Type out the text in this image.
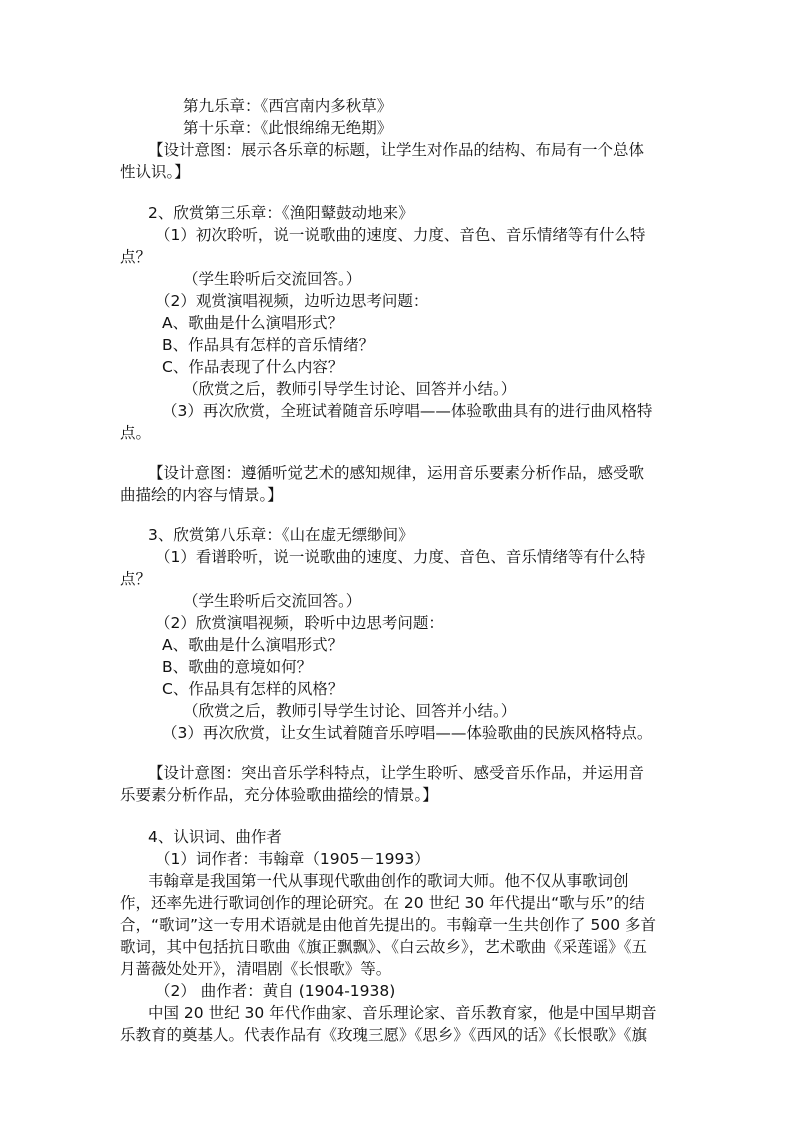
第九乐章：《西宫南内多秋草》
第十乐章：《此恨绵绵无绝期》
【设计意图：展示各乐章的标题，让学生对作品的结构、布局有一个总体
性认识。】
2、欣赏第三乐章：《渔阳鼙鼓动地来》
（1）初次聆听，说一说歌曲的速度、力度、音色、音乐情绪等有什么特
点？
（学生聆听后交流回答。）
（2）观赏演唱视频，边听边思考问题：
A、歌曲是什么演唱形式？
B、作品具有怎样的音乐情绪？
C、作品表现了什么内容？
（欣赏之后，教师引导学生讨论、回答并小结。）
（3）再次欣赏，全班试着随音乐哼唱——体验歌曲具有的进行曲风格特
点。
【设计意图：遵循听觉艺术的感知规律，运用音乐要素分析作品，感受歌
曲描绘的内容与情景。】
3、欣赏第八乐章：《山在虚无缥缈间》
（1）看谱聆听，说一说歌曲的速度、力度、音色、音乐情绪等有什么特
点？
（学生聆听后交流回答。）
（2）欣赏演唱视频，聆听中边思考问题：
A、歌曲是什么演唱形式？
B、歌曲的意境如何？
C、作品具有怎样的风格？
（欣赏之后，教师引导学生讨论、回答并小结。）
（3）再次欣赏，让女生试着随音乐哼唱——体验歌曲的民族风格特点。
【设计意图：突出音乐学科特点，让学生聆听、感受音乐作品，并运用音
乐要素分析作品，充分体验歌曲描绘的情景。】
4、认识词、曲作者
（1）词作者：韦翰章（1905－1993）
韦翰章是我国第一代从事现代歌曲创作的歌词大师。他不仅从事歌词创
作，还率先进行歌词创作的理论研究。在 20 世纪 30 年代提出“歌与乐”的结
合，“歌词”这一专用术语就是由他首先提出的。韦翰章一生共创作了 500 多首
歌词，其中包括抗日歌曲《旗正飘飘》、《白云故乡》，艺术歌曲《采莲谣》《五
月蔷薇处处开》，清唱剧《长恨歌》等。
（2） 曲作者：黄自 (1904-1938)
中国 20 世纪 30 年代作曲家、音乐理论家、音乐教育家，他是中国早期音
乐教育的奠基人。代表作品有《玫瑰三愿》《思乡》《西风的话》《长恨歌》《旗
